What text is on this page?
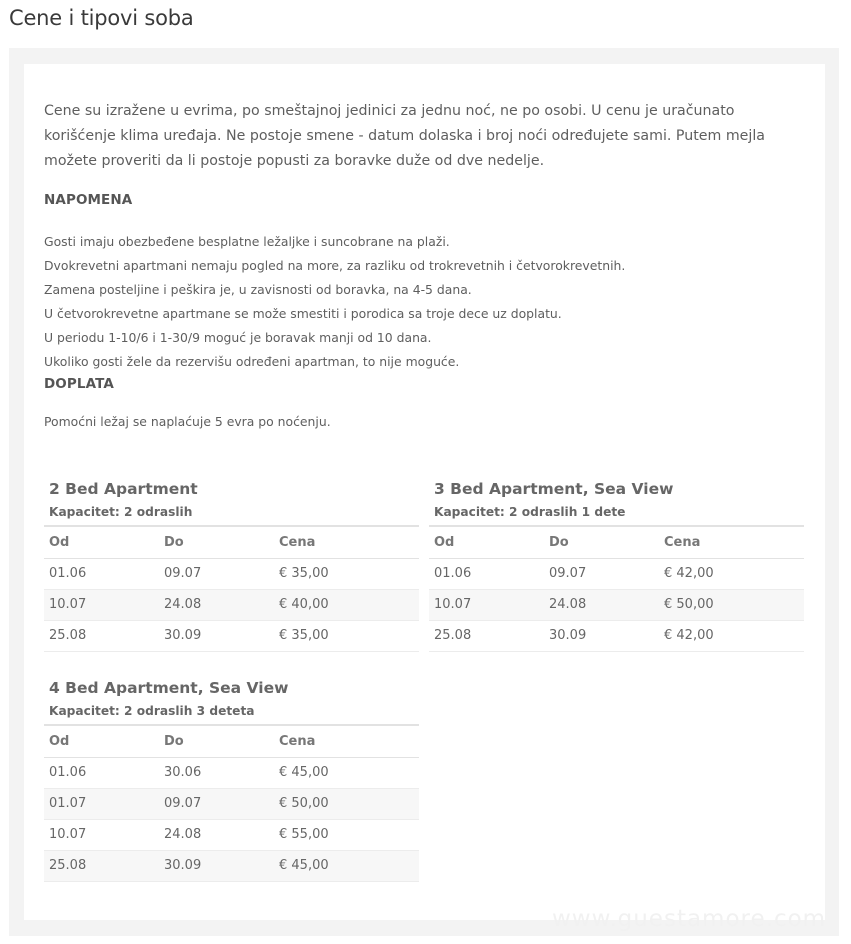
Cene i tipovi soba

Cene su izražene u evrima, po smeštajnoj jedinici za jednu noć, ne po osobi. U cenu je uračunato korišćenje klima uređaja. Ne postoje smene - datum dolaska i broj noći određujete sami. Putem mejla možete proveriti da li postoje popusti za boravke duže od dve nedelje.

NAPOMENA
Gosti imaju obezbeđene besplatne ležaljke i suncobrane na plaži.
Dvokrevetni apartmani nemaju pogled na more, za razliku od trokrevetnih i četvorokrevetnih.
Zamena posteljine i peškira je, u zavisnosti od boravka, na 4-5 dana.
U četvorokrevetne apartmane se može smestiti i porodica sa troje dece uz doplatu.
U periodu 1-10/6 i 1-30/9 moguć je boravak manji od 10 dana.
Ukoliko gosti žele da rezervišu određeni apartman, to nije moguće.
DOPLATA
Pomoćni ležaj se naplaćuje 5 evra po noćenju.
2 Bed Apartment
Kapacitet: 2 odraslih
Od	Do	Cena
01.06	09.07	€ 35,00
10.07	24.08	€ 40,00
25.08	30.09	€ 35,00
3 Bed Apartment, Sea View
Kapacitet: 2 odraslih 1 dete
Od	Do	Cena
01.06	09.07	€ 42,00
10.07	24.08	€ 50,00
25.08	30.09	€ 42,00
4 Bed Apartment, Sea View
Kapacitet: 2 odraslih 3 deteta
Od	Do	Cena
01.06	30.06	€ 45,00
01.07	09.07	€ 50,00
10.07	24.08	€ 55,00
25.08	30.09	€ 45,00
www.guestamore.com
